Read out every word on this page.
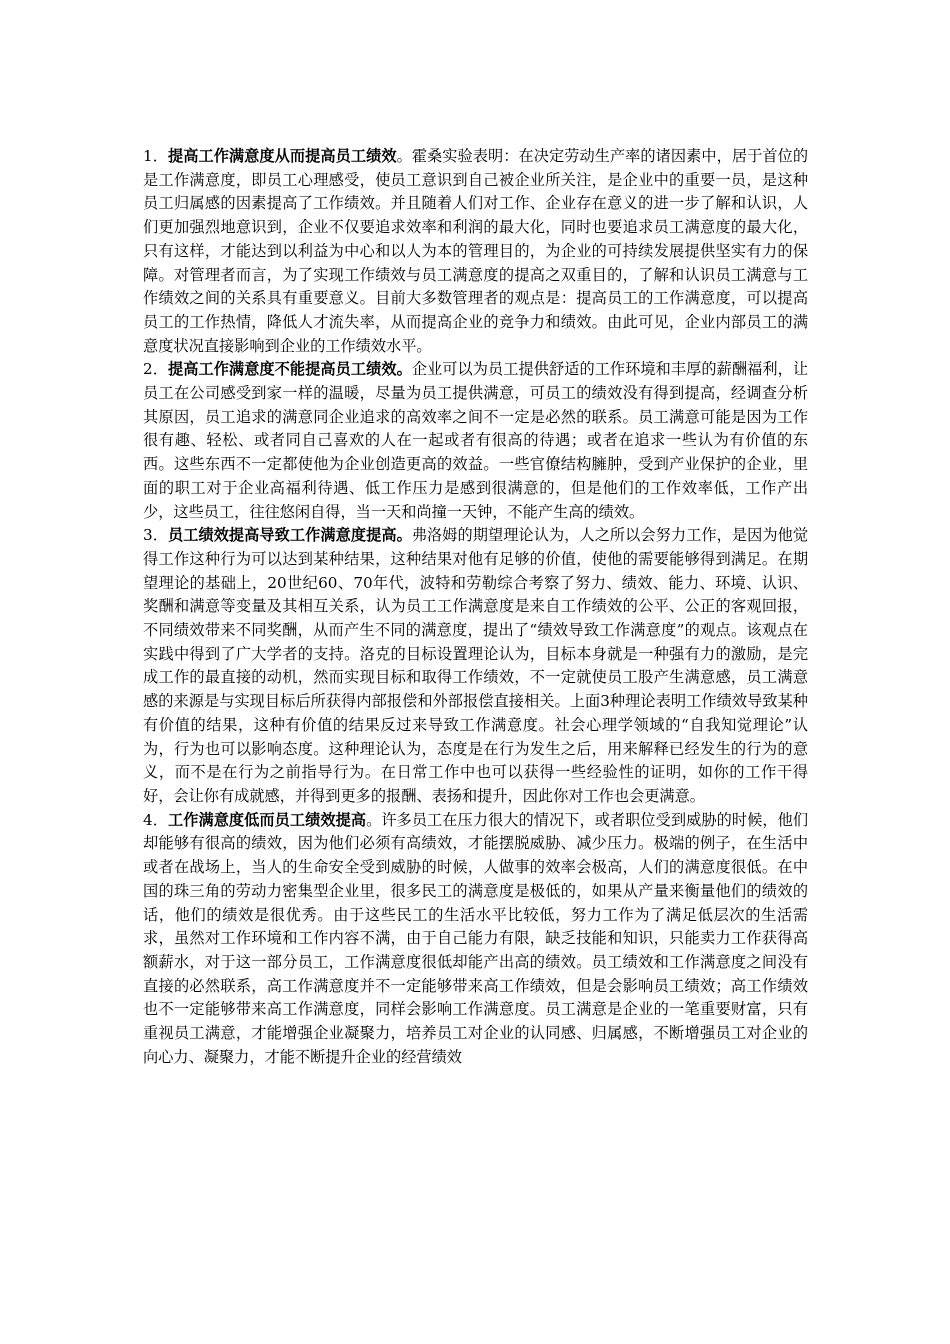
1．提高工作满意度从而提高员工绩效。霍桑实验表明：在决定劳动生产率的诸因素中，居于首位的是工作满意度，即员工心理感受，使员工意识到自己被企业所关注，是企业中的重要一员，是这种员工归属感的因素提高了工作绩效。并且随着人们对工作、企业存在意义的进一步了解和认识，人们更加强烈地意识到，企业不仅要追求效率和利润的最大化，同时也要追求员工满意度的最大化，只有这样，才能达到以利益为中心和以人为本的管理目的，为企业的可持续发展提供坚实有力的保障。对管理者而言，为了实现工作绩效与员工满意度的提高之双重目的，了解和认识员工满意与工作绩效之间的关系具有重要意义。目前大多数管理者的观点是：提高员工的工作满意度，可以提高员工的工作热情，降低人才流失率，从而提高企业的竞争力和绩效。由此可见，企业内部员工的满意度状况直接影响到企业的工作绩效水平。

2．提高工作满意度不能提高员工绩效。企业可以为员工提供舒适的工作环境和丰厚的薪酬福利，让员工在公司感受到家一样的温暖，尽量为员工提供满意，可员工的绩效没有得到提高，经调查分析其原因，员工追求的满意同企业追求的高效率之间不一定是必然的联系。员工满意可能是因为工作很有趣、轻松、或者同自己喜欢的人在一起或者有很高的待遇；或者在追求一些认为有价值的东西。这些东西不一定都使他为企业创造更高的效益。一些官僚结构臃肿，受到产业保护的企业，里面的职工对于企业高福利待遇、低工作压力是感到很满意的，但是他们的工作效率低，工作产出少，这些员工，往往悠闲自得，当一天和尚撞一天钟，不能产生高的绩效。

3．员工绩效提高导致工作满意度提高。弗洛姆的期望理论认为，人之所以会努力工作，是因为他觉得工作这种行为可以达到某种结果，这种结果对他有足够的价值，使他的需要能够得到满足。在期望理论的基础上，20世纪60、70年代，波特和劳勒综合考察了努力、绩效、能力、环境、认识、奖酬和满意等变量及其相互关系，认为员工工作满意度是来自工作绩效的公平、公正的客观回报，不同绩效带来不同奖酬，从而产生不同的满意度，提出了“绩效导致工作满意度”的观点。该观点在实践中得到了广大学者的支持。洛克的目标设置理论认为，目标本身就是一种强有力的激励，是完成工作的最直接的动机，然而实现目标和取得工作绩效，不一定就使员工股产生满意感，员工满意感的来源是与实现目标后所获得内部报偿和外部报偿直接相关。上面3种理论表明工作绩效导致某种有价值的结果，这种有价值的结果反过来导致工作满意度。社会心理学领域的“自我知觉理论”认为，行为也可以影响态度。这种理论认为，态度是在行为发生之后，用来解释已经发生的行为的意义，而不是在行为之前指导行为。在日常工作中也可以获得一些经验性的证明，如你的工作干得好，会让你有成就感，并得到更多的报酬、表扬和提升，因此你对工作也会更满意。

4．工作满意度低而员工绩效提高。许多员工在压力很大的情况下，或者职位受到威胁的时候，他们却能够有很高的绩效，因为他们必须有高绩效，才能摆脱威胁、减少压力。极端的例子，在生活中或者在战场上，当人的生命安全受到威胁的时候，人做事的效率会极高，人们的满意度很低。在中国的珠三角的劳动力密集型企业里，很多民工的满意度是极低的，如果从产量来衡量他们的绩效的话，他们的绩效是很优秀。由于这些民工的生活水平比较低，努力工作为了满足低层次的生活需求，虽然对工作环境和工作内容不满，由于自己能力有限，缺乏技能和知识，只能卖力工作获得高额薪水，对于这一部分员工，工作满意度很低却能产出高的绩效。员工绩效和工作满意度之间没有直接的必然联系，高工作满意度并不一定能够带来高工作绩效，但是会影响员工绩效；高工作绩效也不一定能够带来高工作满意度，同样会影响工作满意度。员工满意是企业的一笔重要财富，只有重视员工满意，才能增强企业凝聚力，培养员工对企业的认同感、归属感，不断增强员工对企业的向心力、凝聚力，才能不断提升企业的经营绩效
